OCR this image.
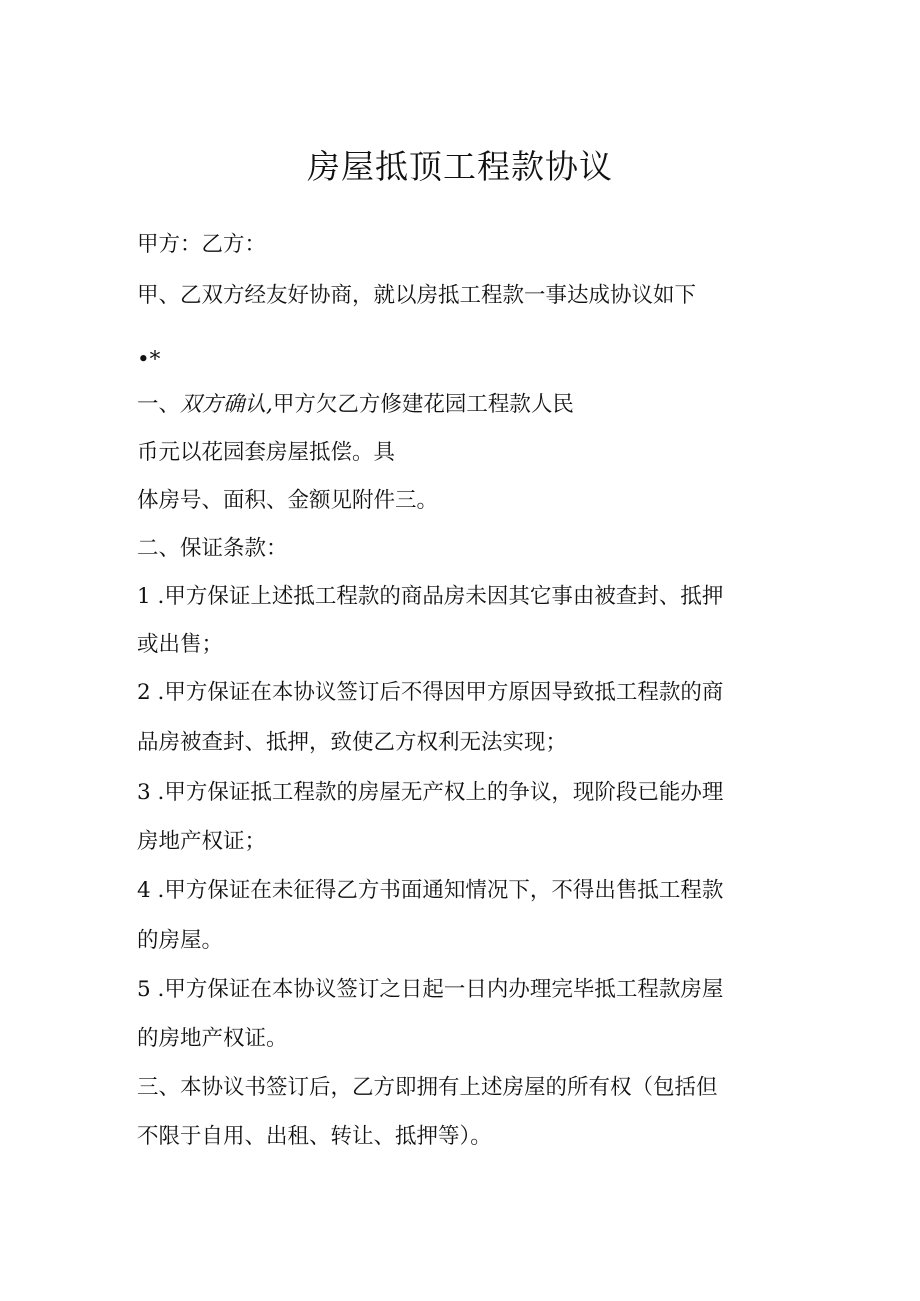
房屋抵顶工程款协议

甲方：乙方：

甲、乙双方经友好协商，就以房抵工程款一事达成协议如下

•*

一、双方确认,甲方欠乙方修建花园工程款人民

币元以花园套房屋抵偿。具

体房号、面积、金额见附件三。

二、保证条款：

1 .甲方保证上述抵工程款的商品房未因其它事由被查封、抵押

或出售；

2 .甲方保证在本协议签订后不得因甲方原因导致抵工程款的商

品房被查封、抵押，致使乙方权利无法实现；

3 .甲方保证抵工程款的房屋无产权上的争议，现阶段已能办理

房地产权证；

4 .甲方保证在未征得乙方书面通知情况下，不得出售抵工程款

的房屋。

5 .甲方保证在本协议签订之日起一日内办理完毕抵工程款房屋

的房地产权证。

三、本协议书签订后，乙方即拥有上述房屋的所有权（包括但

不限于自用、出租、转让、抵押等）。
